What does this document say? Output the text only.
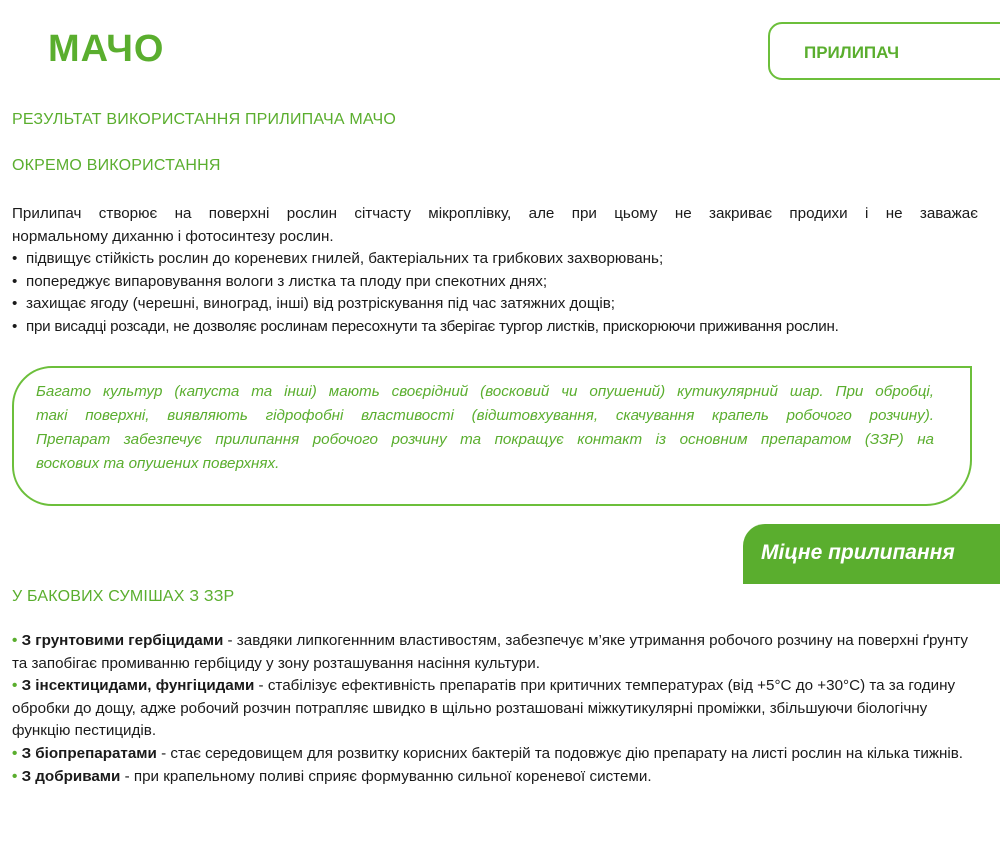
МАЧО	ПРИЛИПАЧ
РЕЗУЛЬТАТ ВИКОРИСТАННЯ ПРИЛИПАЧА МАЧО
ОКРЕМО ВИКОРИСТАННЯ
Прилипач створює на поверхні рослин сітчасту мікроплівку, але при цьому не закриває продихи і не заважає
нормальному диханню і фотосинтезу рослин.
• підвищує стійкість рослин до кореневих гнилей, бактеріальних та грибкових захворювань;
• попереджує випаровування вологи з листка та плоду при спекотних днях;
• захищає ягоду (черешні, виноград, інші) від розтріскування під час затяжних дощів;
• при висадці розсади, не дозволяє рослинам пересохнути та зберігає тургор листків, прискорюючи приживання рослин.
Багато культур (капуста та інші) мають своєрідний (восковий чи опушений) кутикулярний шар. При обробці,
такі поверхні, виявляють гідрофобні властивості (відштовхування, скачування крапель робочого розчину).
Препарат забезпечує прилипання робочого розчину та покращує контакт із основним препаратом (ЗЗР) на
воскових та опушених поверхнях.
Міцне прилипання
У БАКОВИХ СУМІШАХ З ЗЗР
• З грунтовими гербіцидами - завдяки липкогеннним властивостям, забезпечує м’яке утримання робочого розчину на поверхні ґрунту та запобігає промиванню гербіциду у зону розташування насіння культури.
• З інсектицидами, фунгіцидами - стабілізує ефективність препаратів при критичних температурах (від +5°C до +30°C) та за годину обробки до дощу, адже робочий розчин потрапляє швидко в щільно розташовані міжкутикулярні проміжки, збільшуючи біологічну функцію пестицидів.
• З біопрепаратами - стає середовищем для розвитку корисних бактерій та подовжує дію препарату на листі рослин на кілька тижнів.
• З добривами - при крапельному поливі сприяє формуванню сильної кореневої системи.
